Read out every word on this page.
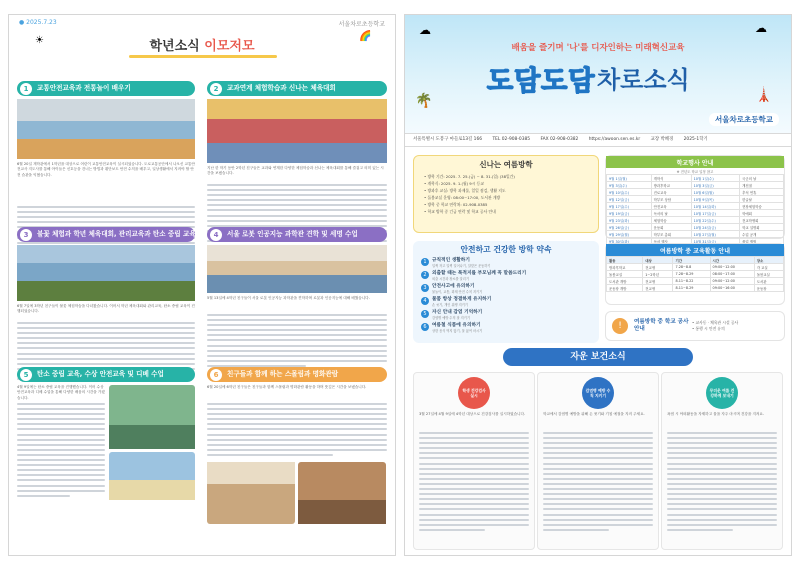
● 2025.7.23	서울차로초등학교
학년소식 이모저모
🌈
☀
1	교통안전교육과 전통놀이 배우기
6월 20일 재학관에서 1학년을 대상으로 어린이 교통안전교육이 실시되었습니다. 도로교통공단에서 나오신 교통안전교사 지도사를 통해 아이들은 신호등을 건너는 방법과 횡단보도 안전 수칙을 배우고, 일상생활에서 지켜야 할 안전 습관을 익혔습니다.
2	교과연계 체험학습과 신나는 체육대회
지난 한 학기 동안 2학년 친구들은 교과와 연계한 다양한 체험학습과 신나는 체육대회를 통해 즐겁고 의미 있는 시간을 보냈습니다.
3	불꽃 체험과 학년 체육대회, 관리교육과 탄소 중립 교육
6월 7일에 3학년 친구들이 불꽃 체험학습을 다녀왔습니다. 이어서 학년 체육대회와 관리교육, 탄소 중립 교육이 진행되었습니다.
4	서울 로봇 인공지능 과학관 견학 및 세명 수업
5월 13일에 4학년 친구들이 서울 로봇 인공지능 과학관을 견학하며 로봇과 인공지능에 대해 배웠습니다.
5	탄소 중립 교육, 수상 안전교육 및 디베 수업
4월 9일에는 탄소 중립 교육을 진행했습니다. 이어 수상 안전교육과 디베 수업을 통해 다양한 배움의 시간을 가졌습니다.
6	친구들과 함께 하는 스몰림과 명화관람
6월 20일에 6학년 친구들은 친구들과 함께 스몰림과 명화관람 활동을 하며 뜻깊은 시간을 보냈습니다.
☁	☁
🌴	🗼
배움을 즐기며 '나'를 디자인하는 미래혁신교육
도담도담 차로소식
서울차로초등학교
서울특별시 도봉구 마들로13길 166 TEL 02-908-0385 FAX 02-908-0382 https://awoon.sen.es.kr 교장 박혜경 2025-1학기
신나는 여름방학
• 방학 기간: 2025. 7. 25.(금) ~ 8. 31.(일) (38일간)
• 개학식: 2025. 9. 1.(월) 9시 등교
• 방과후 교실: 방학 과제물, 일일 점검, 생활 지도
• 돌봄교실 운영: 08:00~17:00, 도서관 개방
• 방학 중 학교 연락처: 02-908-0385
• 학교 방학 중 긴급 연락 및 학교 공사 안내
학교행사 안내
※ 전년도 학교 일정 참고
9월 1일(월)	개학식	10월 1일(수)	국군의 날
9월 3일(수)	방과후학교	10월 3일(금)	개천절
9월 10일(수)	진로교육	10월 6일(월)	추석 연휴
9월 12일(금)	학부모 상담	10월 9일(목)	한글날
9월 17일(수)	안전교육	10월 14일(화)	현장체험학습
9월 19일(금)	독서의 날	10월 17일(금)	학예회
9월 23일(화)	체험학습	10월 22일(수)	전교학생회
9월 26일(금)	운동회	10월 24일(금)	학교 설명회
9월 29일(월)	학부모 총회	10월 27일(월)	수업 공개
9월 30일(화)	독서 행사	10월 31일(금)	졸업 앨범
안전하고 건강한 방학 약속
1	규칙적인 생활하기
일찍 자고 일찍 일어나기, 알맞은 운동하기
2	외출할 때는 목적지를 부모님께 꼭 말씀드리기
외출 시간과 장소를 알리기
3	안전사고에 유의하기
물놀이, 교통, 화재 안전 수칙 지키기
4	물품 항상 정결하게 유지하기
손 씻기, 개인 위생 지키기
5	자신 안내 감염 기억하기
감염병 예방 수칙 잘 지키기
6	여름철 식품에 유의하기
상한 음식 먹지 않기, 물 끓여 마시기
여름방학 중 교육활동 안내
활동	대상	기간	시간	장소
방과후학교	전교생	7.28~8.8	09:00~12:00	각 교실
돌봄교실	1~2학년	7.28~8.29	08:00~17:00	돌봄교실
도서관 개방	전교생	8.11~8.22	09:00~12:00	도서관
운동장 개방	전교생	8.11~8.29	09:00~16:00	운동장
!	여름방학 중 학교 공사 안내
• 교사동 · 체육관 시설 공사
• 통행 시 안전 유의
자운 보건소식
학생 건강검사 실시
3월 27일에 4월 9일에 4학년 대상으로 건강검사를 실시하였습니다.
감염병 예방 수칙 지키기
학교에서 감염병 예방을 위해 손 씻기와 기침 예절을 지켜 주세요.
무더운 여름 건강하게 보내기
폭염 시 야외활동을 자제하고 물을 자주 마시며 건강을 지켜요.
